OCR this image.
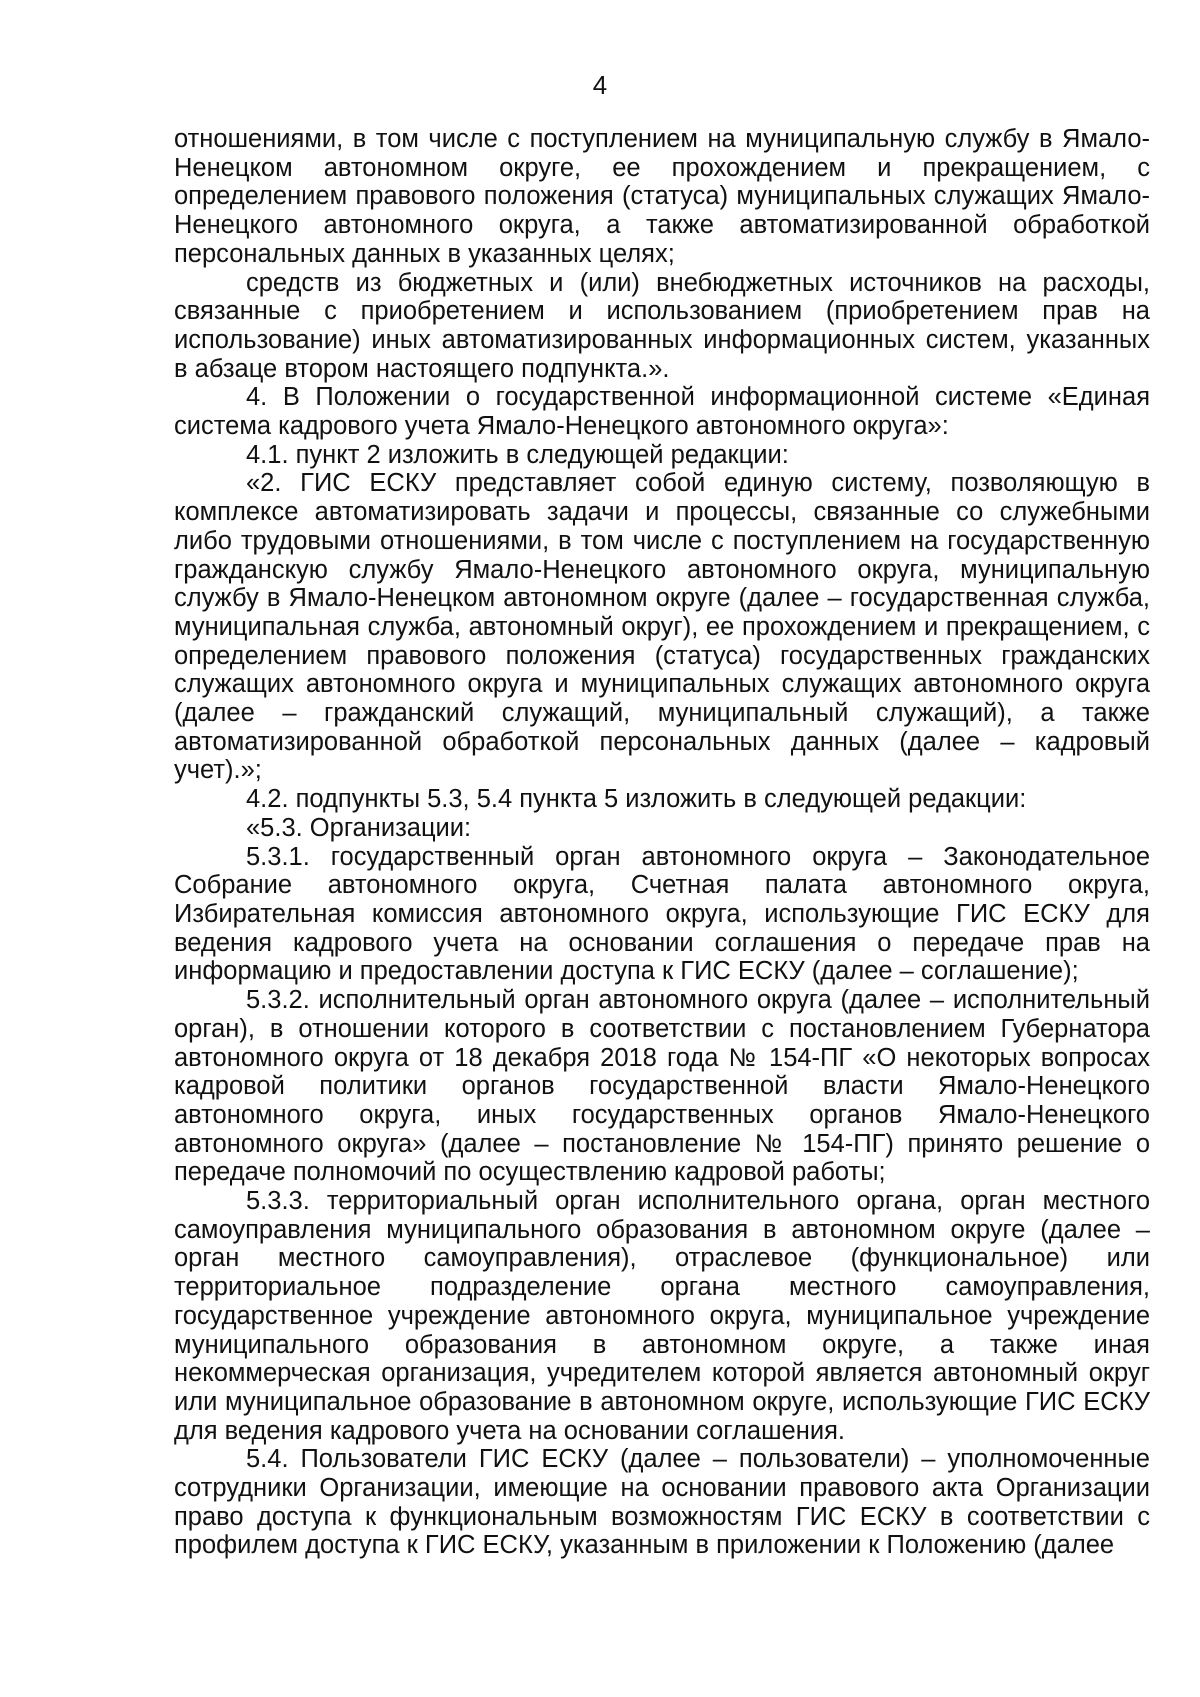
4

отношениями, в том числе с поступлением на муниципальную службу в Ямало-Ненецком автономном округе, ее прохождением и прекращением, с определением правового положения (статуса) муниципальных служащих Ямало-Ненецкого автономного округа, а также автоматизированной обработкой персональных данных в указанных целях;

средств из бюджетных и (или) внебюджетных источников на расходы, связанные с приобретением и использованием (приобретением прав на использование) иных автоматизированных информационных систем, указанных в абзаце втором настоящего подпункта.».

4. В Положении о государственной информационной системе «Единая система кадрового учета Ямало-Ненецкого автономного округа»:

4.1. пункт 2 изложить в следующей редакции:

«2. ГИС ЕСКУ представляет собой единую систему, позволяющую в комплексе автоматизировать задачи и процессы, связанные со служебными либо трудовыми отношениями, в том числе с поступлением на государственную гражданскую службу Ямало-Ненецкого автономного округа, муниципальную службу в Ямало-Ненецком автономном округе (далее – государственная служба, муниципальная служба, автономный округ), ее прохождением и прекращением, с определением правового положения (статуса) государственных гражданских служащих автономного округа и муниципальных служащих автономного округа (далее – гражданский служащий, муниципальный служащий), а также автоматизированной обработкой персональных данных (далее – кадровый учет).»;

4.2. подпункты 5.3, 5.4 пункта 5 изложить в следующей редакции:

«5.3. Организации:

5.3.1. государственный орган автономного округа – Законодательное Собрание автономного округа, Счетная палата автономного округа, Избирательная комиссия автономного округа, использующие ГИС ЕСКУ для ведения кадрового учета на основании соглашения о передаче прав на информацию и предоставлении доступа к ГИС ЕСКУ (далее – соглашение);

5.3.2. исполнительный орган автономного округа (далее – исполнительный орган), в отношении которого в соответствии с постановлением Губернатора автономного округа от 18 декабря 2018 года № 154-ПГ «О некоторых вопросах кадровой политики органов государственной власти Ямало-Ненецкого автономного округа, иных государственных органов Ямало-Ненецкого автономного округа» (далее – постановление № 154-ПГ) принято решение о передаче полномочий по осуществлению кадровой работы;

5.3.3. территориальный орган исполнительного органа, орган местного самоуправления муниципального образования в автономном округе (далее – орган местного самоуправления), отраслевое (функциональное) или территориальное подразделение органа местного самоуправления, государственное учреждение автономного округа, муниципальное учреждение муниципального образования в автономном округе, а также иная некоммерческая организация, учредителем которой является автономный округ или муниципальное образование в автономном округе, использующие ГИС ЕСКУ для ведения кадрового учета на основании соглашения.

5.4. Пользователи ГИС ЕСКУ (далее – пользователи) – уполномоченные сотрудники Организации, имеющие на основании правового акта Организации право доступа к функциональным возможностям ГИС ЕСКУ в соответствии с профилем доступа к ГИС ЕСКУ, указанным в приложении к Положению (далее
